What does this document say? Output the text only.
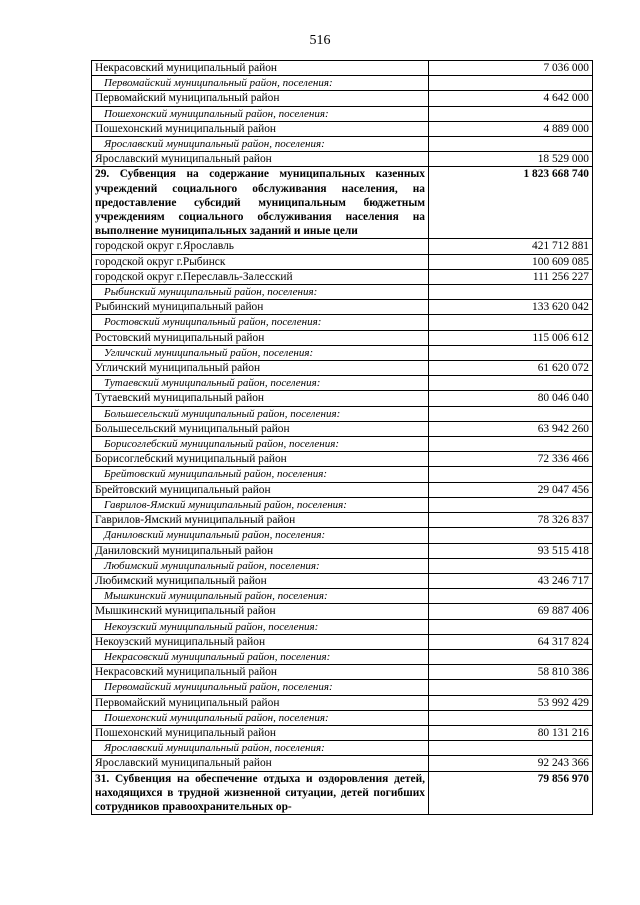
516
Некрасовский муниципальный район	7 036 000
Первомайский муниципальный район, поселения:	
Первомайский муниципальный район	4 642 000
Пошехонский муниципальный район, поселения:	
Пошехонский муниципальный район	4 889 000
Ярославский муниципальный район, поселения:	
Ярославский муниципальный район	18 529 000
29. Субвенция на содержание муниципальных казенных учреждений социального обслуживания населения, на предоставление субсидий муниципальным бюджетным учреждениям социального обслуживания населения на выполнение муниципальных заданий и иные цели	1 823 668 740
городской округ г.Ярославль	421 712 881
городской округ г.Рыбинск	100 609 085
городской округ г.Переславль-Залесский	111 256 227
Рыбинский муниципальный район, поселения:	
Рыбинский муниципальный район	133 620 042
Ростовский муниципальный район, поселения:	
Ростовский муниципальный район	115 006 612
Угличский муниципальный район, поселения:	
Угличский муниципальный район	61 620 072
Тутаевский муниципальный район, поселения:	
Тутаевский муниципальный район	80 046 040
Большесельский муниципальный район, поселения:	
Большесельский муниципальный район	63 942 260
Борисоглебский муниципальный район, поселения:	
Борисоглебский муниципальный район	72 336 466
Брейтовский муниципальный район, поселения:	
Брейтовский муниципальный район	29 047 456
Гаврилов-Ямский муниципальный район, поселения:	
Гаврилов-Ямский муниципальный район	78 326 837
Даниловский муниципальный район, поселения:	
Даниловский муниципальный район	93 515 418
Любимский муниципальный район, поселения:	
Любимский муниципальный район	43 246 717
Мышкинский муниципальный район, поселения:	
Мышкинский муниципальный район	69 887 406
Некоузский муниципальный район, поселения:	
Некоузский муниципальный район	64 317 824
Некрасовский муниципальный район, поселения:	
Некрасовский муниципальный район	58 810 386
Первомайский муниципальный район, поселения:	
Первомайский муниципальный район	53 992 429
Пошехонский муниципальный район, поселения:	
Пошехонский муниципальный район	80 131 216
Ярославский муниципальный район, поселения:	
Ярославский муниципальный район	92 243 366
31. Субвенция на обеспечение отдыха и оздоровления детей, находящихся в трудной жизненной ситуации, детей погибших сотрудников правоохранительных ор-	79 856 970
